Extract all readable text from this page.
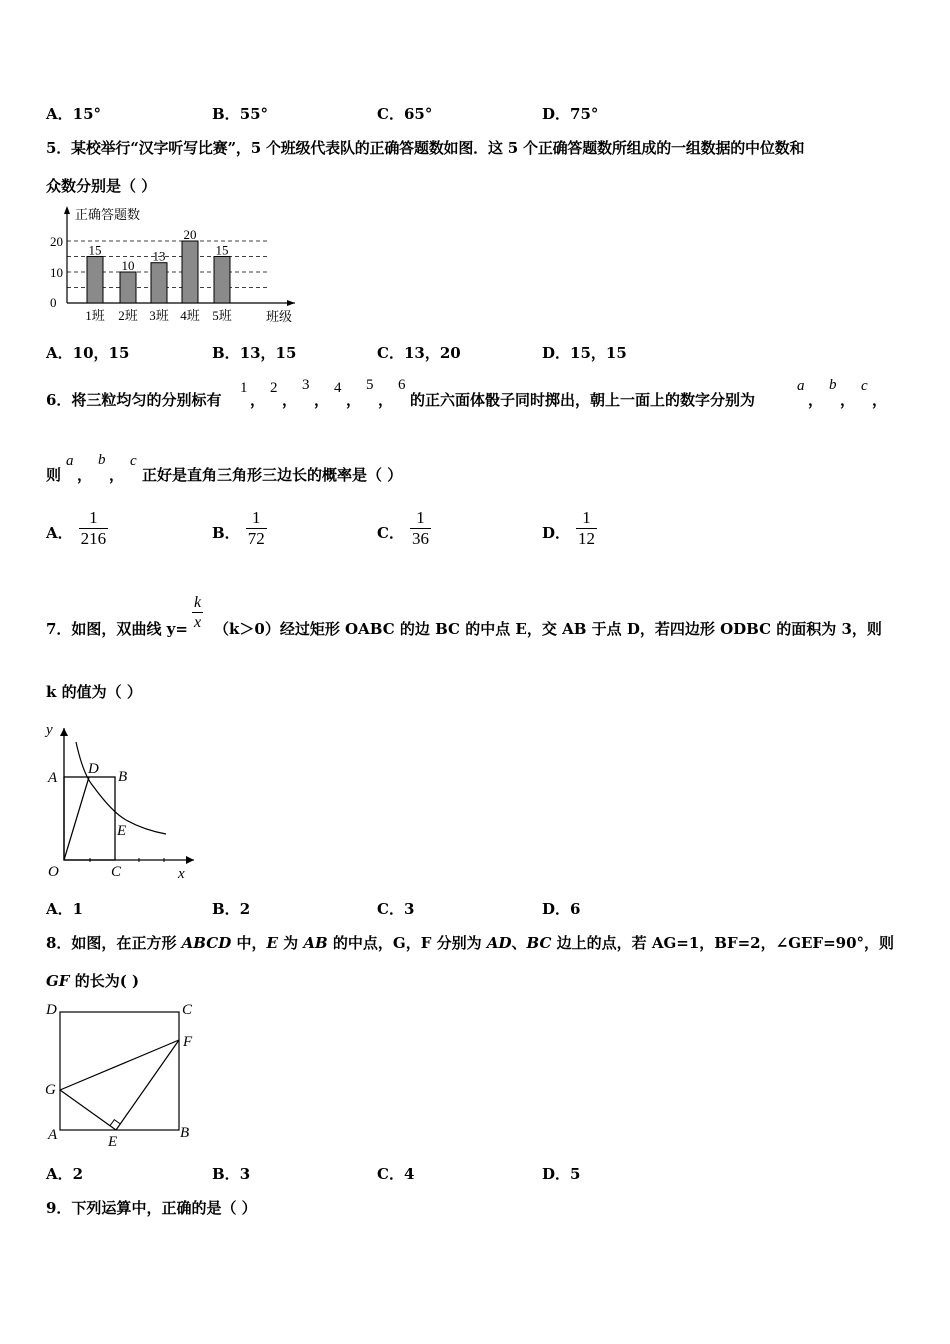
A．15°	B．55°	C．65°	D．75°
5．某校举行“汉字听写比赛”，5 个班级代表队的正确答题数如图．这 5 个正确答题数所组成的一组数据的中位数和
众数分别是（ ）
正确答题数
0
10
20
15
1班
10
2班
13
3班
20
4班
15
5班	班级
A．10，15	B．13，15	C．13，20	D．15，15
6．将三粒均匀的分别标有
1
，
2
，
3
，
4
，
5
，
6
的正六面体骰子同时掷出，朝上一面上的数字分别为
a
，
b
，
c
，
则
a
，
b
，
c
正好是直角三角形三边长的概率是（ ）
A． $\frac{1}{216}$	B． $\frac{1}{72}$	C． $\frac{1}{36}$	D． $\frac{1}{12}$
7．如图，双曲线 $y= \frac{k}{x} (k>0)$经过矩形 OABC 的边 BC 的中点 E，交 AB 于点 D，若四边形 ODBC 的面积为 3，则
k 的值为（ ）
y
A
D B
E
O	C	x
A．1	B．2	C．3	D．6
8．如图，在正方形 ABCD 中，E 为 AB 的中点，G，F 分别为 AD、BC 边上的点，若 AG=1，BF=2，∠GEF=90°，则
GF 的长为( )
D	C
F
G
A	E
B
A．2	B．3	C．4	D．5
9．下列运算中，正确的是（ ）
